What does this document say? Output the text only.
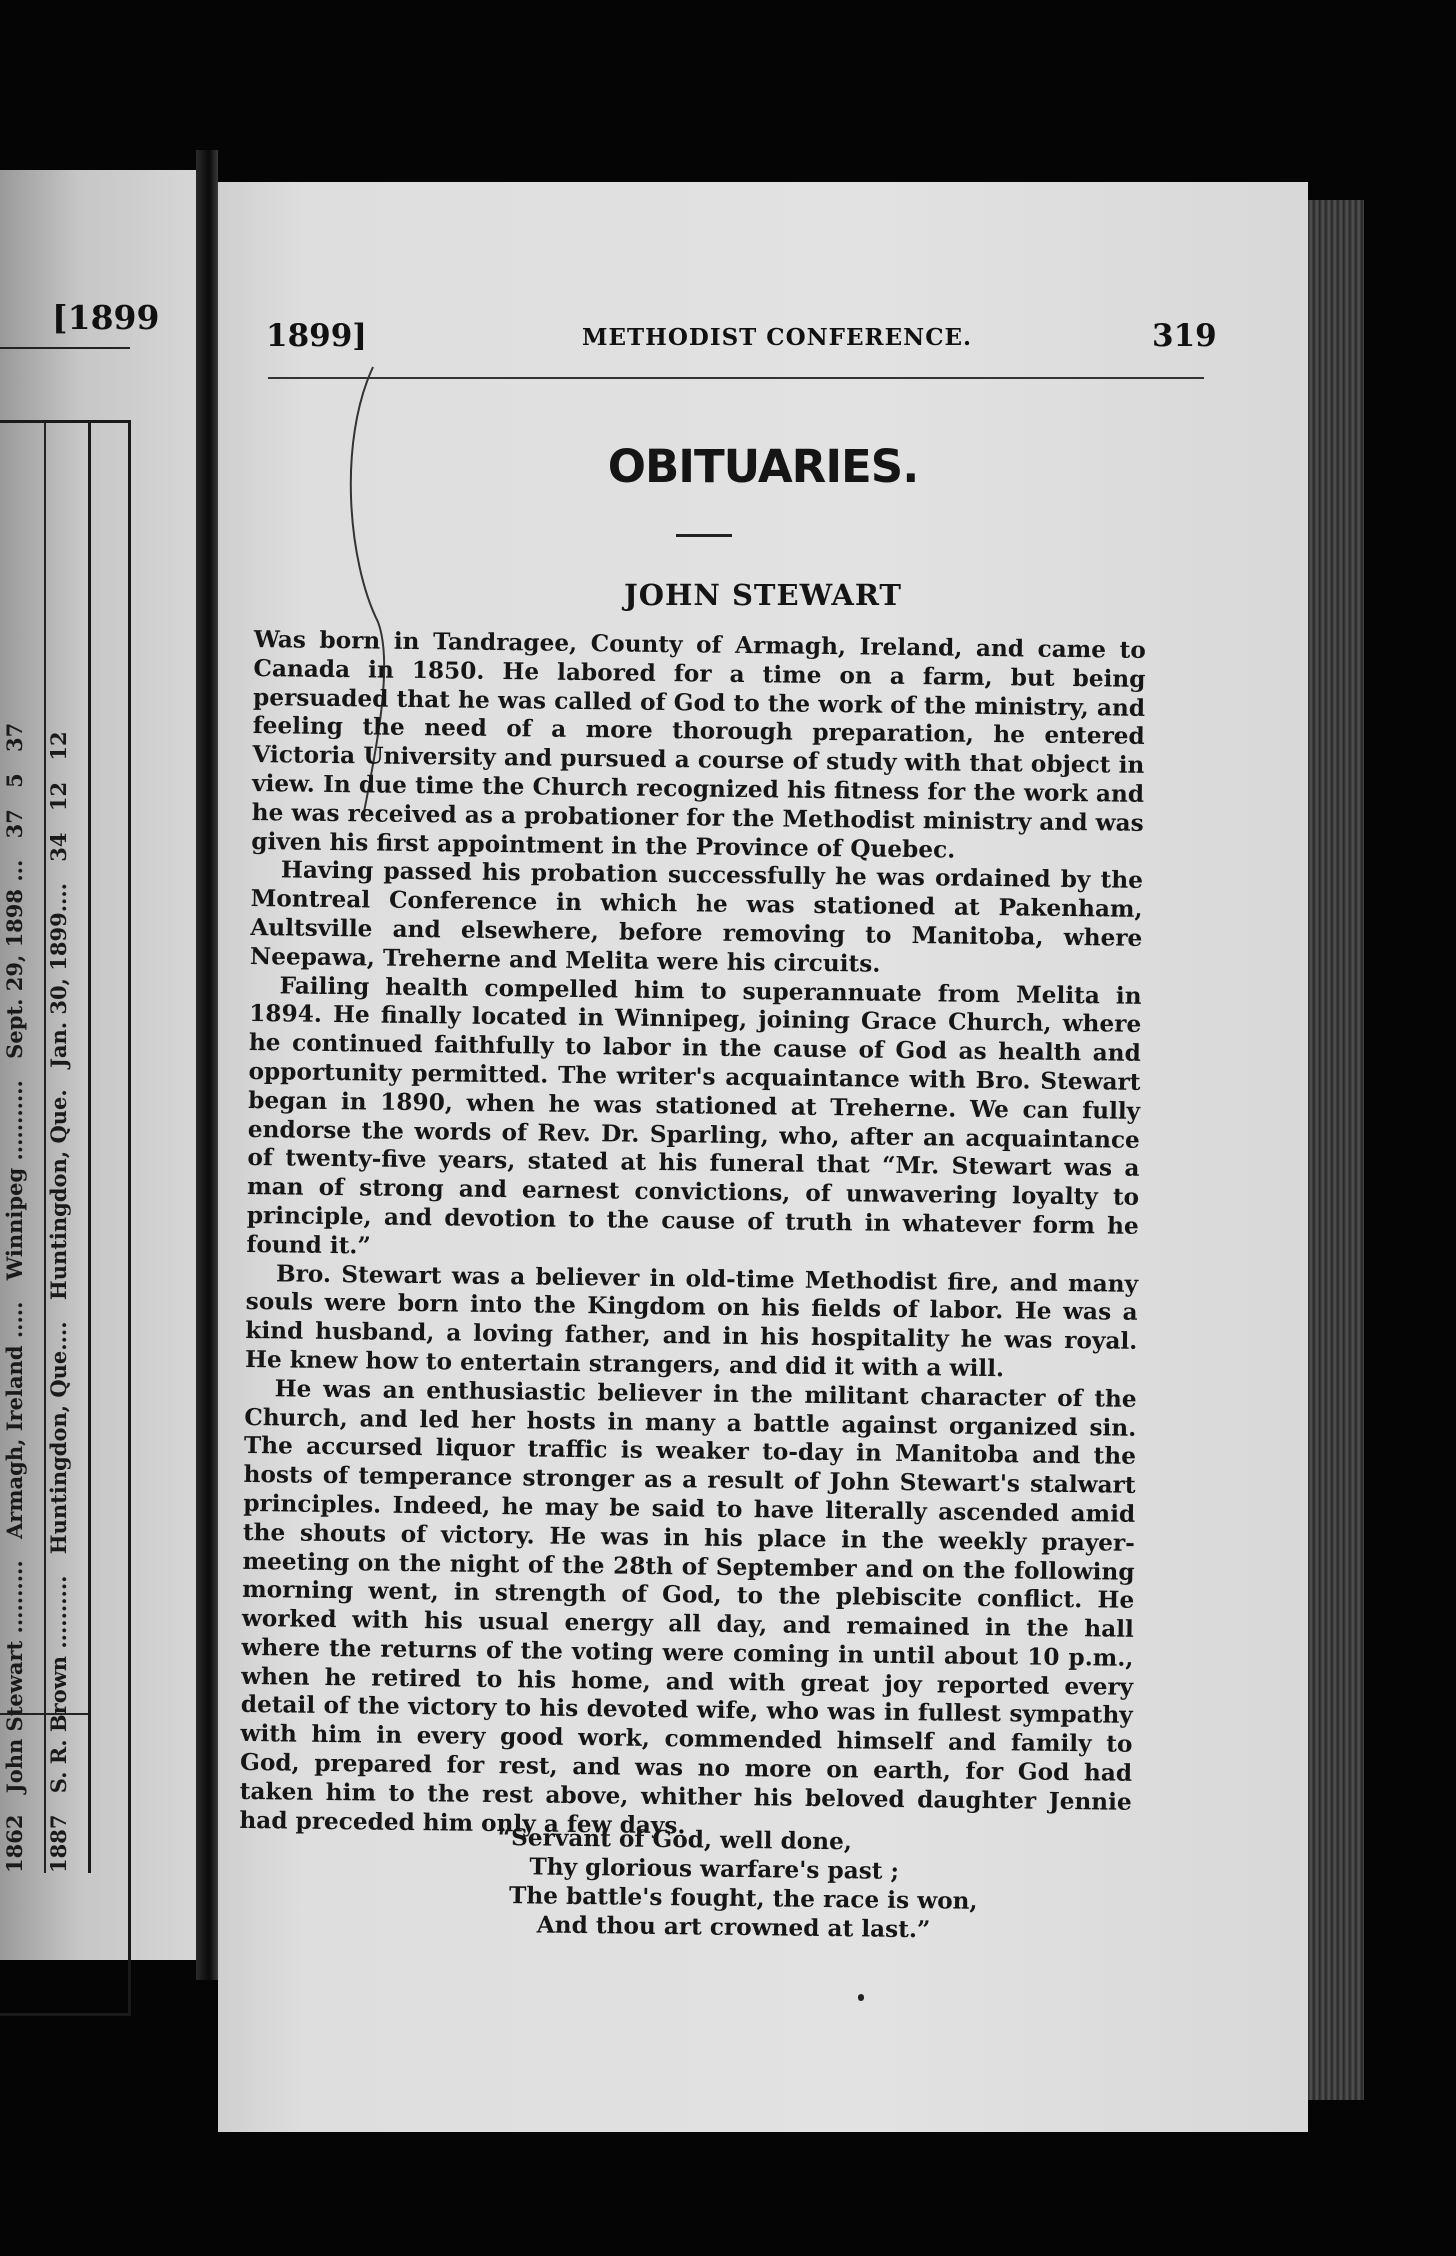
[1899
1862 John Stewart .......... Armagh, Ireland ..... Winnipeg ........... Sept. 29, 1898 ... 37 5 37
1887 S. R. Brown .......... Huntingdon, Que.... Huntingdon, Que. Jan. 30, 1899.... 34 12 12
1899]	METHODIST CONFERENCE.	319
OBITUARIES.
JOHN STEWART

Was born in Tandragee, County of Armagh, Ireland, and came to Canada in 1850. He labored for a time on a farm, but being persuaded that he was called of God to the work of the ministry, and feeling the need of a more thorough preparation, he entered Victoria University and pursued a course of study with that object in view. In due time the Church recognized his fitness for the work and he was received as a probationer for the Methodist ministry and was given his first appointment in the Province of Quebec.

Having passed his probation successfully he was ordained by the Montreal Conference in which he was stationed at Pakenham, Aultsville and elsewhere, before removing to Manitoba, where Neepawa, Treherne and Melita were his circuits.

Failing health compelled him to superannuate from Melita in 1894. He finally located in Winnipeg, joining Grace Church, where he continued faithfully to labor in the cause of God as health and opportunity permitted. The writer's acquaintance with Bro. Stewart began in 1890, when he was stationed at Treherne. We can fully endorse the words of Rev. Dr. Sparling, who, after an acquaintance of twenty-five years, stated at his funeral that “Mr. Stewart was a man of strong and earnest convictions, of unwavering loyalty to principle, and devotion to the cause of truth in whatever form he found it.”

Bro. Stewart was a believer in old-time Methodist fire, and many souls were born into the Kingdom on his fields of labor. He was a kind husband, a loving father, and in his hospitality he was royal. He knew how to entertain strangers, and did it with a will.

He was an enthusiastic believer in the militant character of the Church, and led her hosts in many a battle against organized sin. The accursed liquor traffic is weaker to-day in Manitoba and the hosts of temperance stronger as a result of John Stewart's stalwart principles. Indeed, he may be said to have literally ascended amid the shouts of victory. He was in his place in the weekly prayer-meeting on the night of the 28th of September and on the following morning went, in strength of God, to the plebiscite conflict. He worked with his usual energy all day, and remained in the hall where the returns of the voting were coming in until about 10 p.m., when he retired to his home, and with great joy reported every detail of the victory to his devoted wife, who was in fullest sympathy with him in every good work, commended himself and family to God, prepared for rest, and was no more on earth, for God had taken him to the rest above, whither his beloved daughter Jennie had preceded him only a few days.

“Servant of God, well done,
Thy glorious warfare's past ;
The battle's fought, the race is won,
And thou art crowned at last.”
